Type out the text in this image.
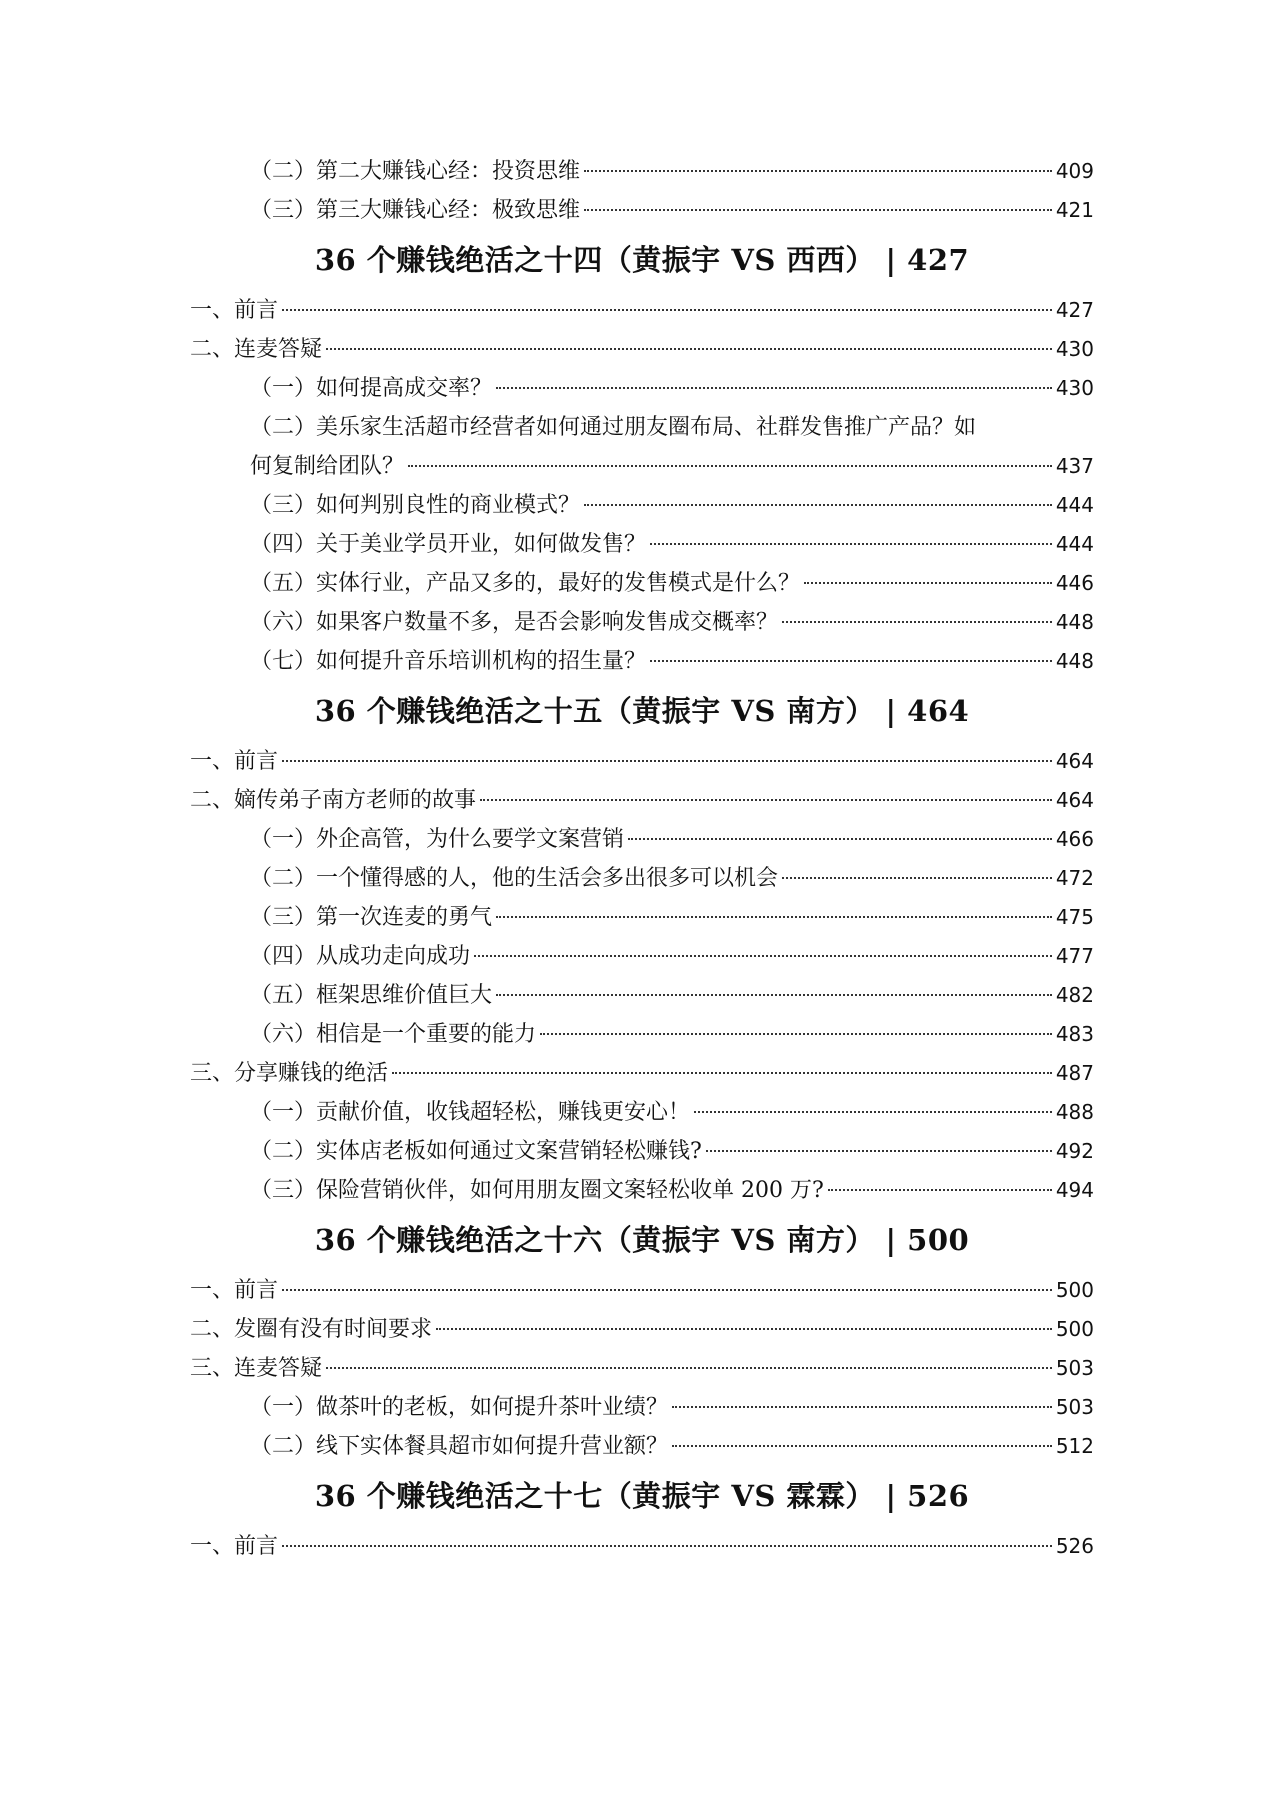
（二）第二大赚钱心经：投资思维	409
（三）第三大赚钱心经：极致思维	421
36 个赚钱绝活之十四（黄振宇 VS 西西） | 427
一、前言	427
二、连麦答疑	430
（一）如何提高成交率？	430
（二）美乐家生活超市经营者如何通过朋友圈布局、社群发售推广产品？如
何复制给团队？	437
（三）如何判别良性的商业模式？	444
（四）关于美业学员开业，如何做发售？	444
（五）实体行业，产品又多的，最好的发售模式是什么？	446
（六）如果客户数量不多，是否会影响发售成交概率？	448
（七）如何提升音乐培训机构的招生量？	448
36 个赚钱绝活之十五（黄振宇 VS 南方） | 464
一、前言	464
二、嫡传弟子南方老师的故事	464
（一）外企高管，为什么要学文案营销	466
（二）一个懂得感的人，他的生活会多出很多可以机会	472
（三）第一次连麦的勇气	475
（四）从成功走向成功	477
（五）框架思维价值巨大	482
（六）相信是一个重要的能力	483
三、分享赚钱的绝活	487
（一）贡献价值，收钱超轻松，赚钱更安心！	488
（二）实体店老板如何通过文案营销轻松赚钱?	492
（三）保险营销伙伴，如何用朋友圈文案轻松收单 200 万?	494
36 个赚钱绝活之十六（黄振宇 VS 南方） | 500
一、前言	500
二、发圈有没有时间要求	500
三、连麦答疑	503
（一）做茶叶的老板，如何提升茶叶业绩？	503
（二）线下实体餐具超市如何提升营业额？	512
36 个赚钱绝活之十七（黄振宇 VS 霖霖） | 526
一、前言	526
